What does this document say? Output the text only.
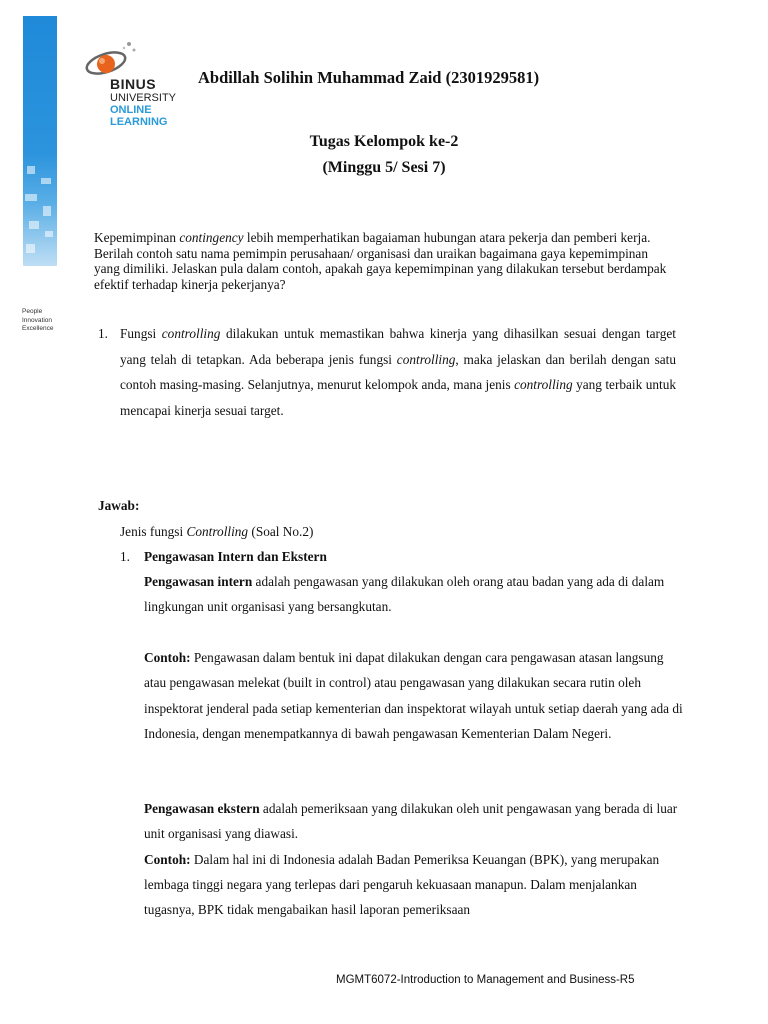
People
Innovation
Excellence
BINUS
UNIVERSITY
ONLINE
LEARNING
Abdillah Solihin Muhammad Zaid (2301929581)
Tugas Kelompok ke-2
(Minggu 5/ Sesi 7)
Kepemimpinan contingency lebih memperhatikan bagaiaman hubungan atara pekerja dan pemberi kerja. Berilah contoh satu nama pemimpin perusahaan/ organisasi dan uraikan bagaimana gaya kepemimpinan yang dimiliki. Jelaskan pula dalam contoh, apakah gaya kepemimpinan yang dilakukan tersebut berdampak efektif terhadap kinerja pekerjanya?
1. Fungsi controlling dilakukan untuk memastikan bahwa kinerja yang dihasilkan sesuai dengan target yang telah di tetapkan. Ada beberapa jenis fungsi controlling, maka jelaskan dan berilah dengan satu contoh masing-masing. Selanjutnya, menurut kelompok anda, mana jenis controlling yang terbaik untuk mencapai kinerja sesuai target.
Jawab:
Jenis fungsi Controlling (Soal No.2)
1. Pengawasan Intern dan Ekstern
Pengawasan intern adalah pengawasan yang dilakukan oleh orang atau badan yang ada di dalam lingkungan unit organisasi yang bersangkutan.
Contoh: Pengawasan dalam bentuk ini dapat dilakukan dengan cara pengawasan atasan langsung atau pengawasan melekat (built in control) atau pengawasan yang dilakukan secara rutin oleh inspektorat jenderal pada setiap kementerian dan inspektorat wilayah untuk setiap daerah yang ada di Indonesia, dengan menempatkannya di bawah pengawasan Kementerian Dalam Negeri.
Pengawasan ekstern adalah pemeriksaan yang dilakukan oleh unit pengawasan yang berada di luar unit organisasi yang diawasi.
Contoh: Dalam hal ini di Indonesia adalah Badan Pemeriksa Keuangan (BPK), yang merupakan lembaga tinggi negara yang terlepas dari pengaruh kekuasaan manapun. Dalam menjalankan tugasnya, BPK tidak mengabaikan hasil laporan pemeriksaan
MGMT6072-Introduction to Management and Business-R5
